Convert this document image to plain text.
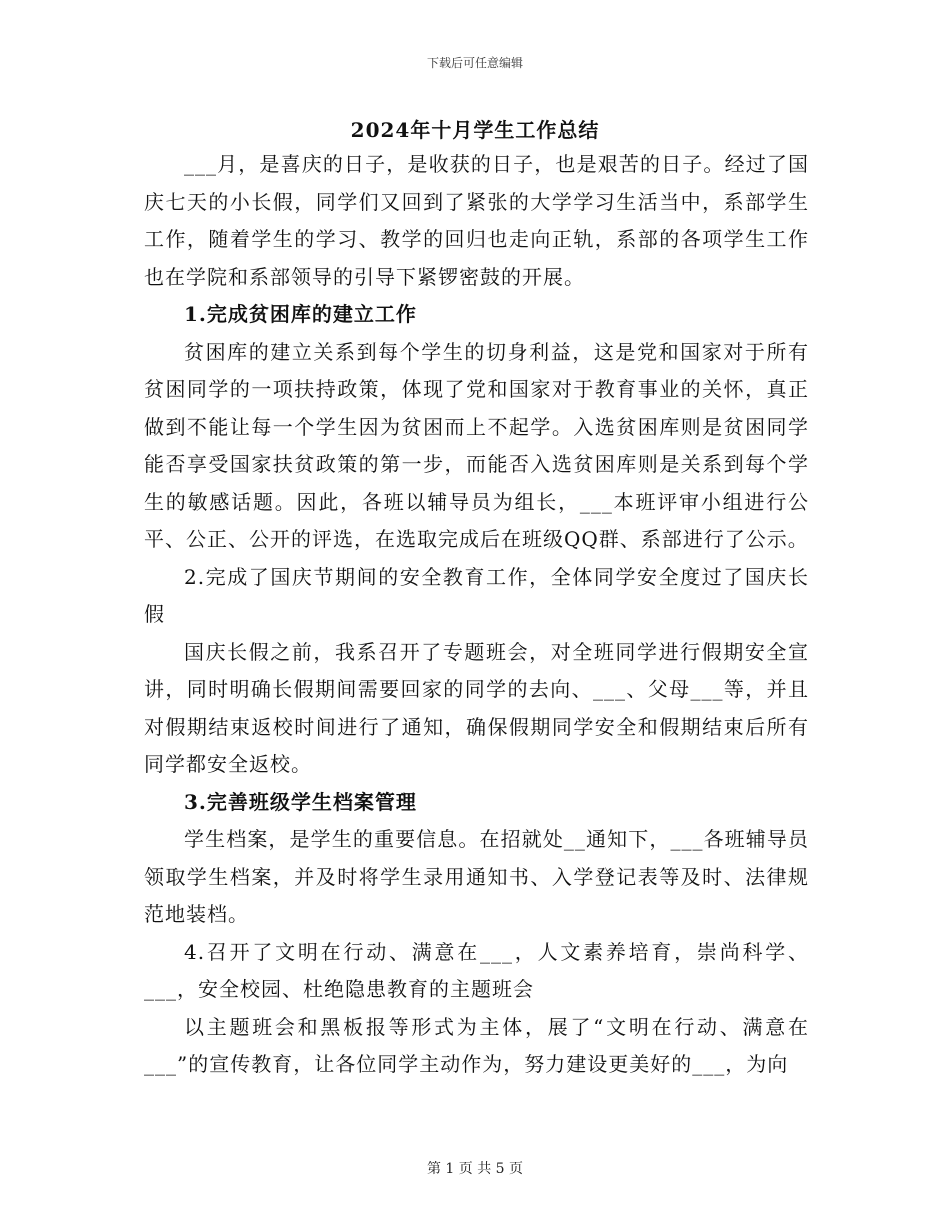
下载后可任意编辑
2024年十月学生工作总结

___月，是喜庆的日子，是收获的日子，也是艰苦的日子。经过了国庆七天的小长假，同学们又回到了紧张的大学学习生活当中，系部学生工作，随着学生的学习、教学的回归也走向正轨，系部的各项学生工作也在学院和系部领导的引导下紧锣密鼓的开展。

1.完成贫困库的建立工作

贫困库的建立关系到每个学生的切身利益，这是党和国家对于所有贫困同学的一项扶持政策，体现了党和国家对于教育事业的关怀，真正做到不能让每一个学生因为贫困而上不起学。入选贫困库则是贫困同学能否享受国家扶贫政策的第一步，而能否入选贫困库则是关系到每个学生的敏感话题。因此，各班以辅导员为组长，___本班评审小组进行公平、公正、公开的评选，在选取完成后在班级QQ群、系部进行了公示。

2.完成了国庆节期间的安全教育工作，全体同学安全度过了国庆长假

国庆长假之前，我系召开了专题班会，对全班同学进行假期安全宣讲，同时明确长假期间需要回家的同学的去向、___、父母___等，并且对假期结束返校时间进行了通知，确保假期同学安全和假期结束后所有同学都安全返校。

3.完善班级学生档案管理

学生档案，是学生的重要信息。在招就处__通知下，___各班辅导员领取学生档案，并及时将学生录用通知书、入学登记表等及时、法律规范地装档。

4.召开了文明在行动、满意在___，人文素养培育，崇尚科学、___，安全校园、杜绝隐患教育的主题班会

以主题班会和黑板报等形式为主体，展了“文明在行动、满意在___”的宣传教育，让各位同学主动作为，努力建设更美好的___，为向

第 1 页 共 5 页
